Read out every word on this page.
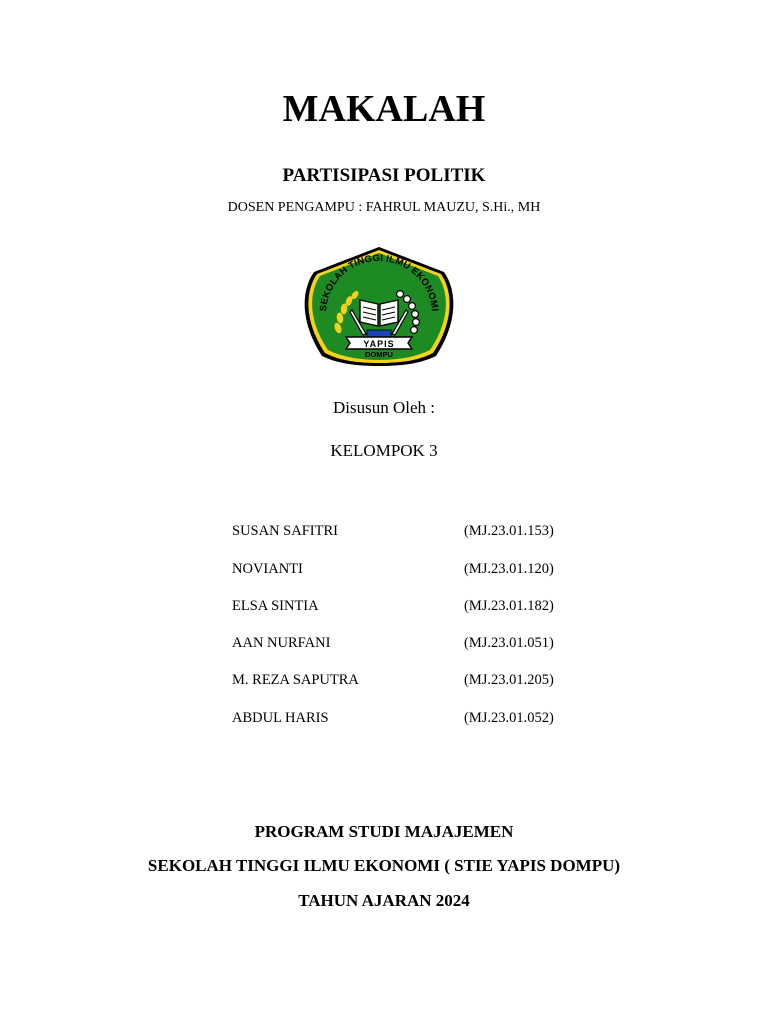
MAKALAH
PARTISIPASI POLITIK
DOSEN PENGAMPU : FAHRUL MAUZU, S.Hi., MH
SEKOLAH TINGGI ILMU EKONOMI
YAPIS
DOMPU
Disusun Oleh :
KELOMPOK 3
SUSAN SAFITRI	(MJ.23.01.153)
NOVIANTI	(MJ.23.01.120)
ELSA SINTIA	(MJ.23.01.182)
AAN NURFANI	(MJ.23.01.051)
M. REZA SAPUTRA	(MJ.23.01.205)
ABDUL HARIS	(MJ.23.01.052)
PROGRAM STUDI MAJAJEMEN
SEKOLAH TINGGI ILMU EKONOMI ( STIE YAPIS DOMPU)
TAHUN AJARAN 2024
